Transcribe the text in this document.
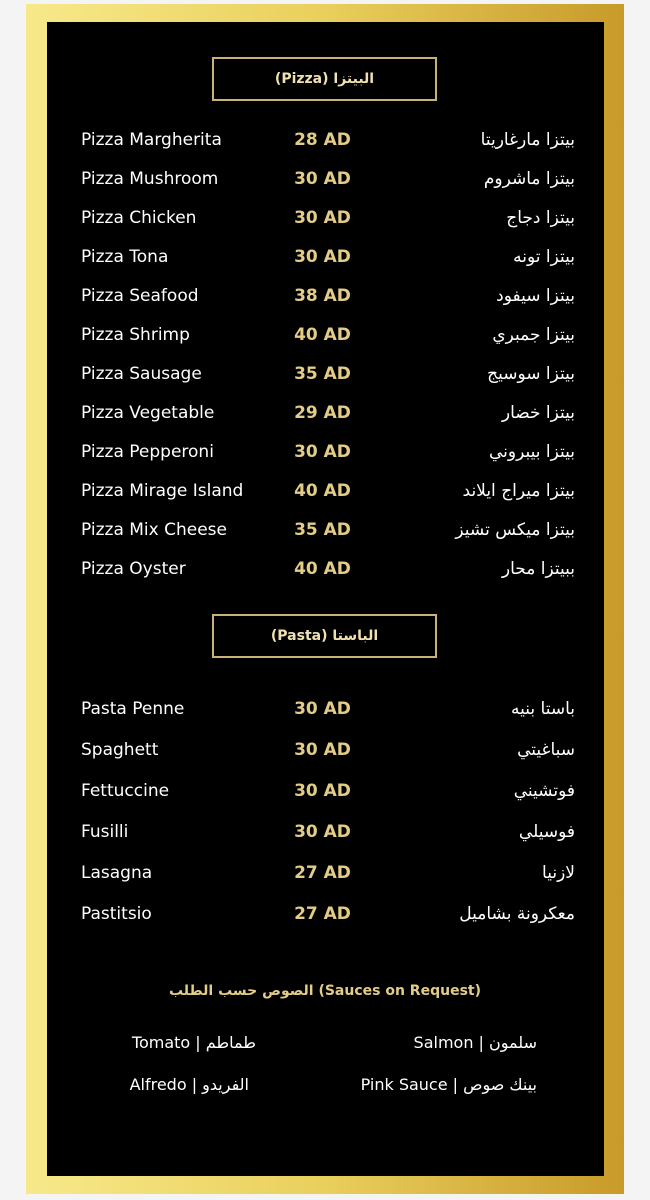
البيتزا (Pizza)
Pizza Margherita	28 AD	بيتزا مارغاريتا
Pizza Mushroom	30 AD	بيتزا ماشروم
Pizza Chicken	30 AD	بيتزا دجاج
Pizza Tona	30 AD	بيتزا تونه
Pizza Seafood	38 AD	بيتزا سيفود
Pizza Shrimp	40 AD	بيتزا جمبري
Pizza Sausage	35 AD	بيتزا سوسيج
Pizza Vegetable	29 AD	بيتزا خضار
Pizza Pepperoni	30 AD	بيتزا بيبروني
Pizza Mirage Island	40 AD	بيتزا ميراج ايلاند
Pizza Mix Cheese	35 AD	بيتزا ميكس تشيز
Pizza Oyster	40 AD	ببيتزا محار
الباستا (Pasta)
Pasta Penne	30 AD	باستا بنيه
Spaghett	30 AD	سباغيتي
Fettuccine	30 AD	فوتشيني
Fusilli	30 AD	فوسيلي
Lasagna	27 AD	لازنيا
Pastitsio	27 AD	معكرونة بشاميل
الصوص حسب الطلب (Sauces on Request)
Salmon | سلمون
Tomato | طماطم
Pink Sauce | بينك صوص
Alfredo | الفريدو
